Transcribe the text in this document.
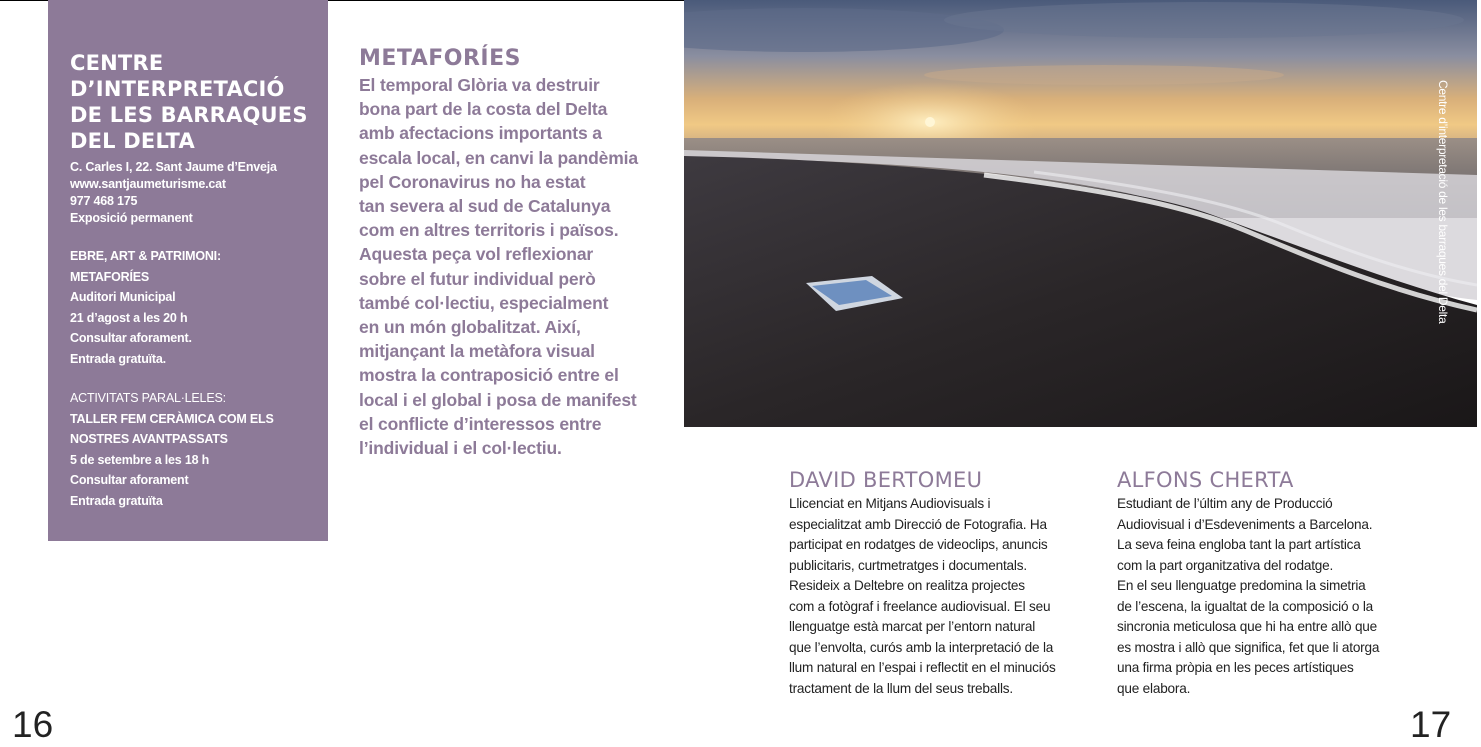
CENTRE
D’INTERPRETACIÓ
DE LES BARRAQUES
DEL DELTA
C. Carles I, 22. Sant Jaume d’Enveja
www.santjaumeturisme.cat
977 468 175
Exposició permanent
EBRE, ART & PATRIMONI:
METAFORÍES
Auditori Municipal
21 d’agost a les 20 h
Consultar aforament.
Entrada gratuïta.
ACTIVITATS PARAL·LELES:
TALLER FEM CERÀMICA COM ELS
NOSTRES AVANTPASSATS
5 de setembre a les 18 h
Consultar aforament
Entrada gratuïta
METAFORÍES
El temporal Glòria va destruir
bona part de la costa del Delta
amb afectacions importants a
escala local, en canvi la pandèmia
pel Coronavirus no ha estat
tan severa al sud de Catalunya
com en altres territoris i països.
Aquesta peça vol reflexionar
sobre el futur individual però
també col·lectiu, especialment
en un món globalitzat. Així,
mitjançant la metàfora visual
mostra la contraposició entre el
local i el global i posa de manifest
el conflicte d’interessos entre
l’individual i el col·lectiu.
Centre d’interpretació de les barraques del Delta
DAVID BERTOMEU
Llicenciat en Mitjans Audiovisuals i
especialitzat amb Direcció de Fotografia. Ha
participat en rodatges de videoclips, anuncis
publicitaris, curtmetratges i documentals.
Resideix a Deltebre on realitza projectes
com a fotògraf i freelance audiovisual. El seu
llenguatge està marcat per l’entorn natural
que l’envolta, curós amb la interpretació de la
llum natural en l’espai i reflectit en el minuciós
tractament de la llum del seus treballs.
ALFONS CHERTA
Estudiant de l’últim any de Producció
Audiovisual i d’Esdeveniments a Barcelona.
La seva feina engloba tant la part artística
com la part organitzativa del rodatge.
En el seu llenguatge predomina la simetria
de l’escena, la igualtat de la composició o la
sincronia meticulosa que hi ha entre allò que
es mostra i allò que significa, fet que li atorga
una firma pròpia en les peces artístiques
que elabora.
16	17
